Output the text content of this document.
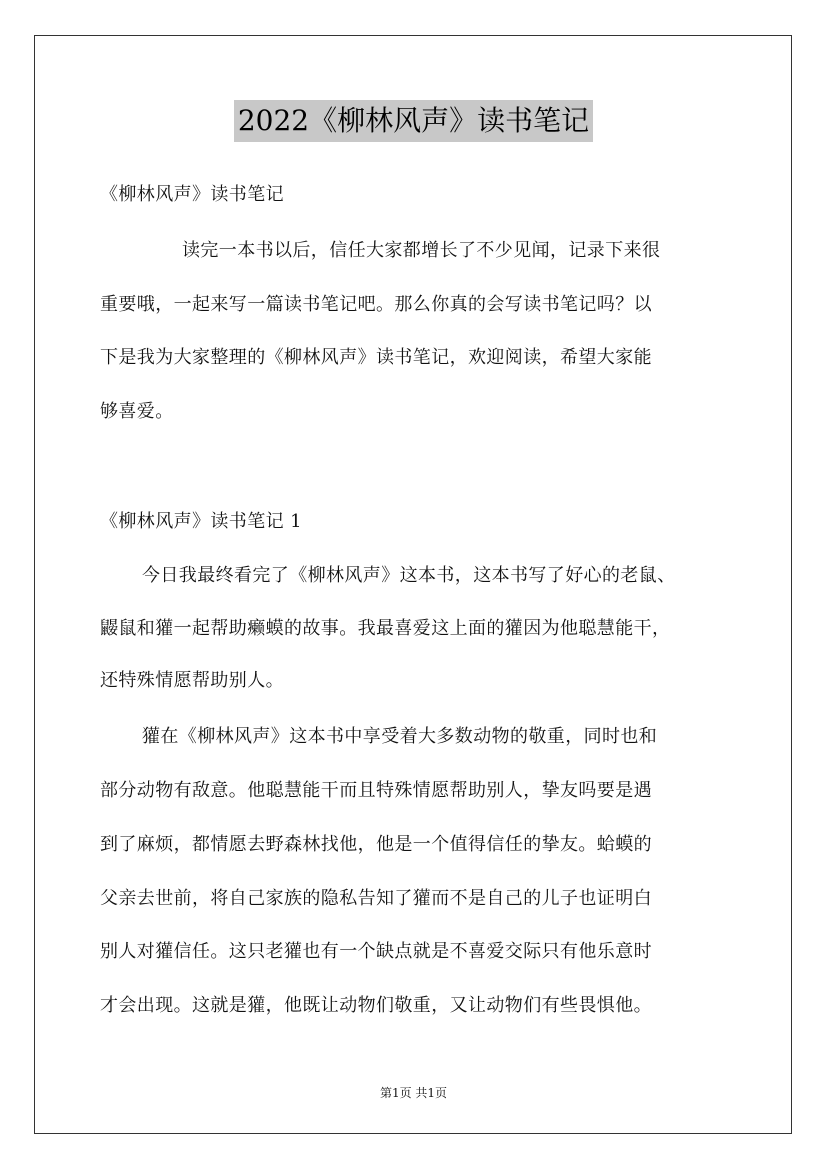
2022《柳林风声》读书笔记
《柳林风声》读书笔记
读完一本书以后，信任大家都增长了不少见闻，记录下来很
重要哦，一起来写一篇读书笔记吧。那么你真的会写读书笔记吗？以
下是我为大家整理的《柳林风声》读书笔记，欢迎阅读，希望大家能
够喜爱。
《柳林风声》读书笔记 1
今日我最终看完了《柳林风声》这本书，这本书写了好心的老鼠、
鼹鼠和獾一起帮助癞蟆的故事。我最喜爱这上面的獾因为他聪慧能干，
还特殊情愿帮助别人。
獾在《柳林风声》这本书中享受着大多数动物的敬重，同时也和
部分动物有敌意。他聪慧能干而且特殊情愿帮助别人，挚友吗要是遇
到了麻烦，都情愿去野森林找他，他是一个值得信任的挚友。蛤蟆的
父亲去世前，将自己家族的隐私告知了獾而不是自己的儿子也证明白
别人对獾信任。这只老獾也有一个缺点就是不喜爱交际只有他乐意时
才会出现。这就是獾，他既让动物们敬重，又让动物们有些畏惧他。
第1页 共1页
